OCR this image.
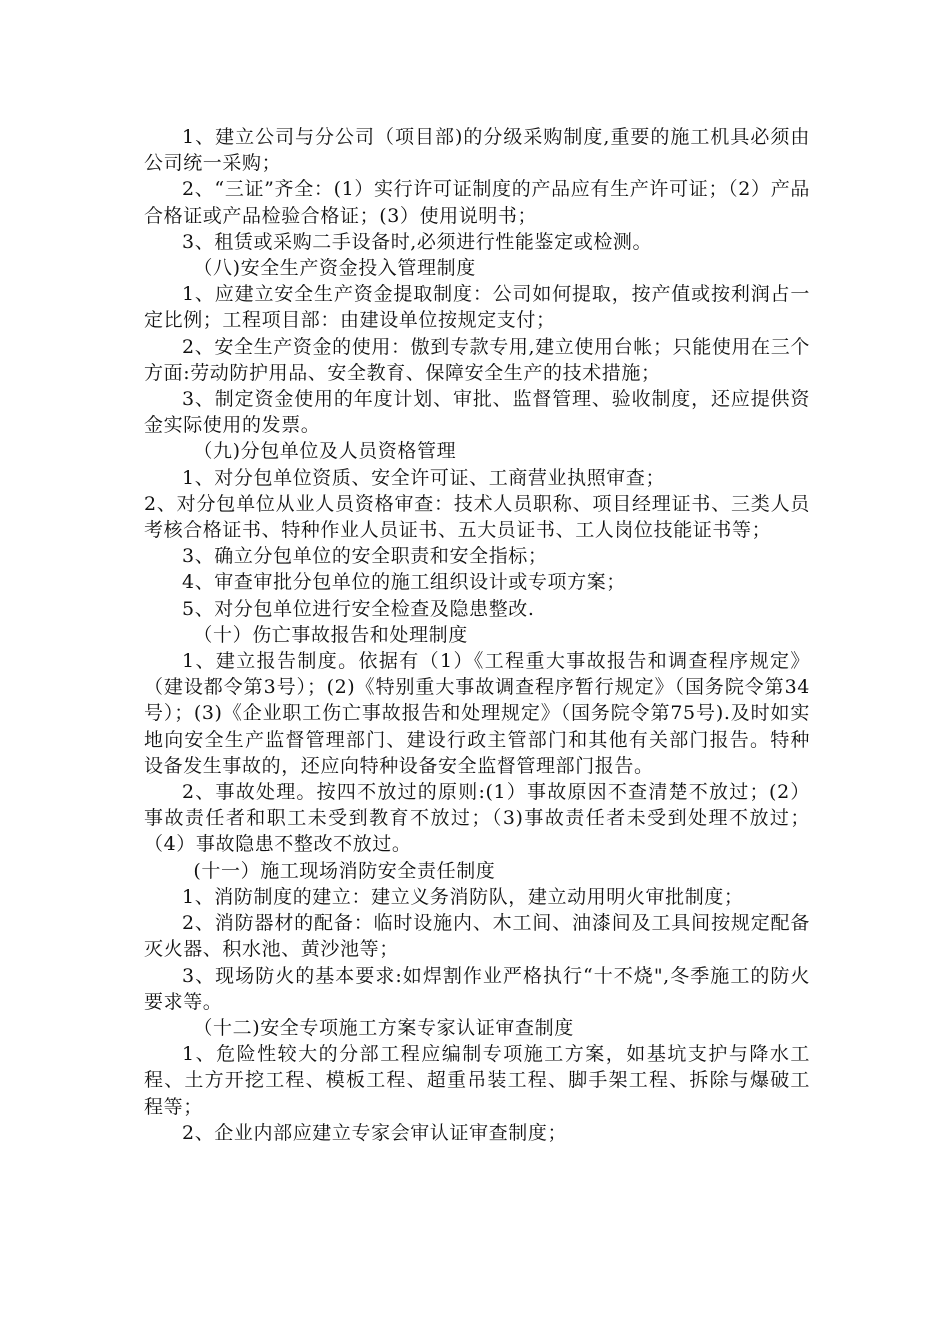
1、建立公司与分公司（项目部)的分级采购制度,重要的施工机具必须由公司统一采购；

2、“三证”齐全：(1）实行许可证制度的产品应有生产许可证；（2）产品合格证或产品检验合格证；(3）使用说明书；

3、租赁或采购二手设备时,必须进行性能鉴定或检测。

（八)安全生产资金投入管理制度

1、应建立安全生产资金提取制度：公司如何提取，按产值或按利润占一定比例；工程项目部：由建设单位按规定支付；

2、安全生产资金的使用：傲到专款专用,建立使用台帐；只能使用在三个方面:劳动防护用品、安全教育、保障安全生产的技术措施；

3、制定资金使用的年度计划、审批、监督管理、验收制度，还应提供资金实际使用的发票。

（九)分包单位及人员资格管理

1、对分包单位资质、安全许可证、工商营业执照审查；

2、对分包单位从业人员资格审查：技术人员职称、项目经理证书、三类人员考核合格证书、特种作业人员证书、五大员证书、工人岗位技能证书等；

3、确立分包单位的安全职责和安全指标；

4、审查审批分包单位的施工组织设计或专项方案；

5、对分包单位进行安全检查及隐患整改.

（十）伤亡事故报告和处理制度

1、建立报告制度。依据有（1）《工程重大事故报告和调查程序规定》（建设都令第3号）；(2)《特别重大事故调查程序暂行规定》（国务院令第34号）；(3)《企业职工伤亡事故报告和处理规定》（国务院令第75号).及时如实地向安全生产监督管理部门、建设行政主管部门和其他有关部门报告。特种设备发生事故的，还应向特种设备安全监督管理部门报告。

2、事故处理。按四不放过的原则:(1）事故原因不查清楚不放过；(2）事故责任者和职工未受到教育不放过；（3)事故责任者未受到处理不放过；（4）事故隐患不整改不放过。

(十一）施工现场消防安全责任制度

1、消防制度的建立：建立义务消防队，建立动用明火审批制度；

2、消防器材的配备：临时设施内、木工间、油漆间及工具间按规定配备灭火器、积水池、黄沙池等；

3、现场防火的基本要求:如焊割作业严格执行“十不烧",冬季施工的防火要求等。

（十二)安全专项施工方案专家认证审查制度

1、危险性较大的分部工程应编制专项施工方案，如基坑支护与降水工程、土方开挖工程、模板工程、超重吊装工程、脚手架工程、拆除与爆破工程等；

2、企业内部应建立专家会审认证审查制度；
